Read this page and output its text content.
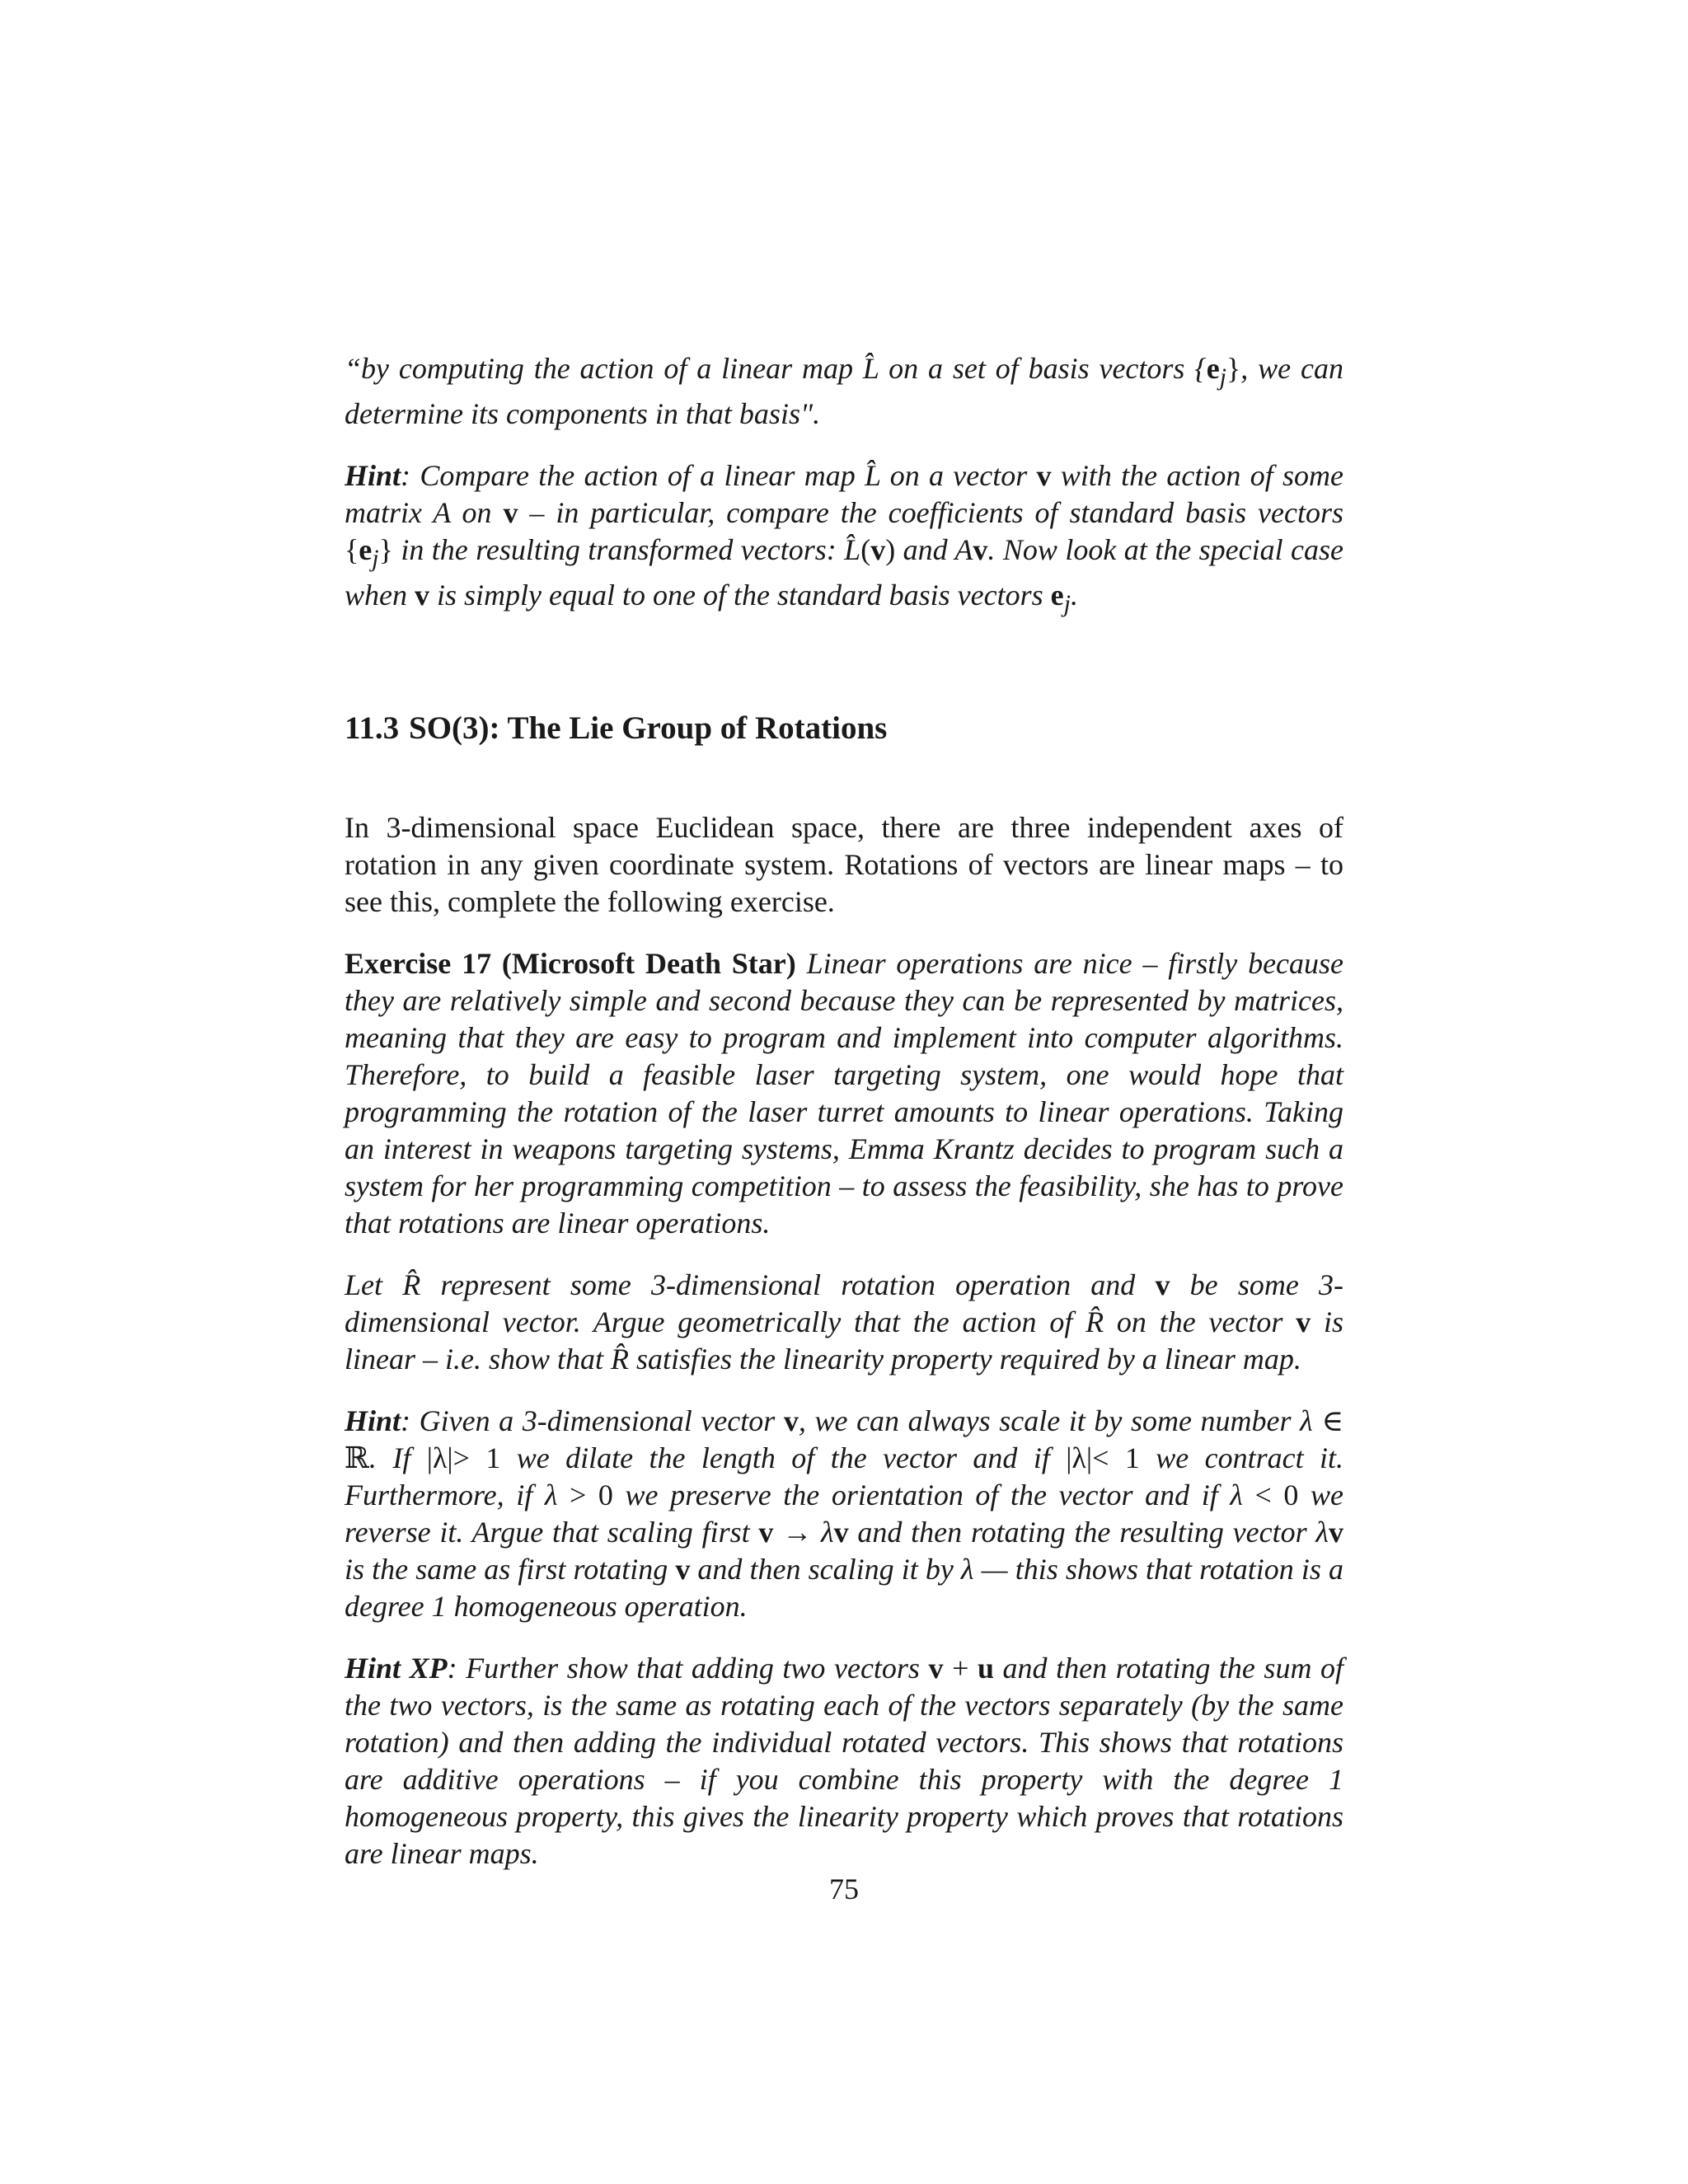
“by computing the action of a linear map L̂ on a set of basis vectors $\{e_j\}$, we can determine its components in that basis".

Hint: Compare the action of a linear map L̂ on a vector v with the action of some matrix A on v – in particular, compare the coefficients of standard basis vectors $\{e_j\}$ in the resulting transformed vectors: L̂(v) and Av. Now look at the special case when v is simply equal to one of the standard basis vectors $e_j$.

11.3 SO(3): The Lie Group of Rotations

In 3-dimensional space Euclidean space, there are three independent axes of rotation in any given coordinate system. Rotations of vectors are linear maps – to see this, complete the following exercise.

Exercise 17 (Microsoft Death Star) Linear operations are nice – firstly because they are relatively simple and second because they can be represented by matrices, meaning that they are easy to program and implement into computer algorithms. Therefore, to build a feasible laser targeting system, one would hope that programming the rotation of the laser turret amounts to linear operations. Taking an interest in weapons targeting systems, Emma Krantz decides to program such a system for her programming competition – to assess the feasibility, she has to prove that rotations are linear operations.

Let R̂ represent some 3-dimensional rotation operation and v be some 3-dimensional vector. Argue geometrically that the action of R̂ on the vector v is linear – i.e. show that R̂ satisfies the linearity property required by a linear map.

Hint: Given a 3-dimensional vector v, we can always scale it by some number λ ∈ ℝ. If |λ|> 1 we dilate the length of the vector and if |λ|< 1 we contract it. Furthermore, if λ > 0 we preserve the orientation of the vector and if λ < 0 we reverse it. Argue that scaling first v → λv and then rotating the resulting vector λv is the same as first rotating v and then scaling it by λ — this shows that rotation is a degree 1 homogeneous operation.

Hint XP: Further show that adding two vectors v + u and then rotating the sum of the two vectors, is the same as rotating each of the vectors separately (by the same rotation) and then adding the individual rotated vectors. This shows that rotations are additive operations – if you combine this property with the degree 1 homogeneous property, this gives the linearity property which proves that rotations are linear maps.

75
